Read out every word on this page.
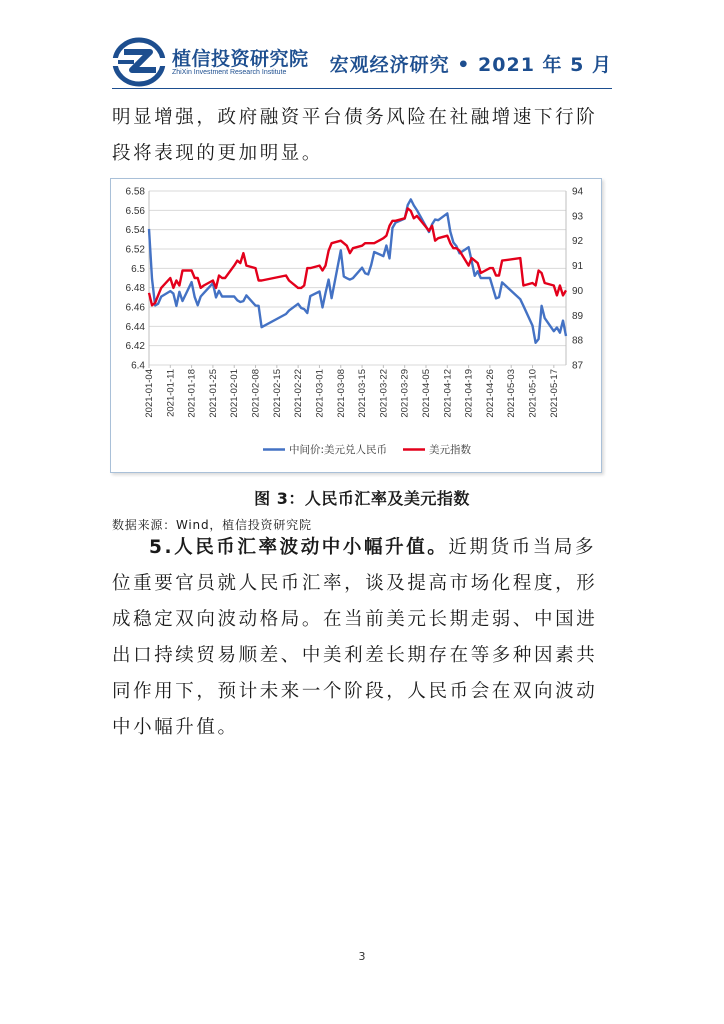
植信投资研究院
ZhiXin Investment Research Institute 宏观经济研究 • 2021 年 5 月

明显增强，政府融资平台债务风险在社融增速下行阶段将表现的更加明显。

6.4
6.42
6.44
6.46
6.48
6.5
6.52
6.54
6.56
6.58
87
88
89
90
91
92
93
94
2021-01-04 2021-01-11 2021-01-18 2021-01-25 2021-02-01 2021-02-08 2021-02-15 2021-02-22 2021-03-01 2021-03-08 2021-03-15 2021-03-22 2021-03-29 2021-04-05 2021-04-12 2021-04-19 2021-04-26 2021-05-03 2021-05-10 2021-05-17
中间价:美元兑人民币	美元指数
图 3：人民币汇率及美元指数
数据来源：Wind，植信投资研究院

5.人民币汇率波动中小幅升值。近期货币当局多位重要官员就人民币汇率，谈及提高市场化程度，形成稳定双向波动格局。在当前美元长期走弱、中国进出口持续贸易顺差、中美利差长期存在等多种因素共同作用下，预计未来一个阶段，人民币会在双向波动中小幅升值。

3
